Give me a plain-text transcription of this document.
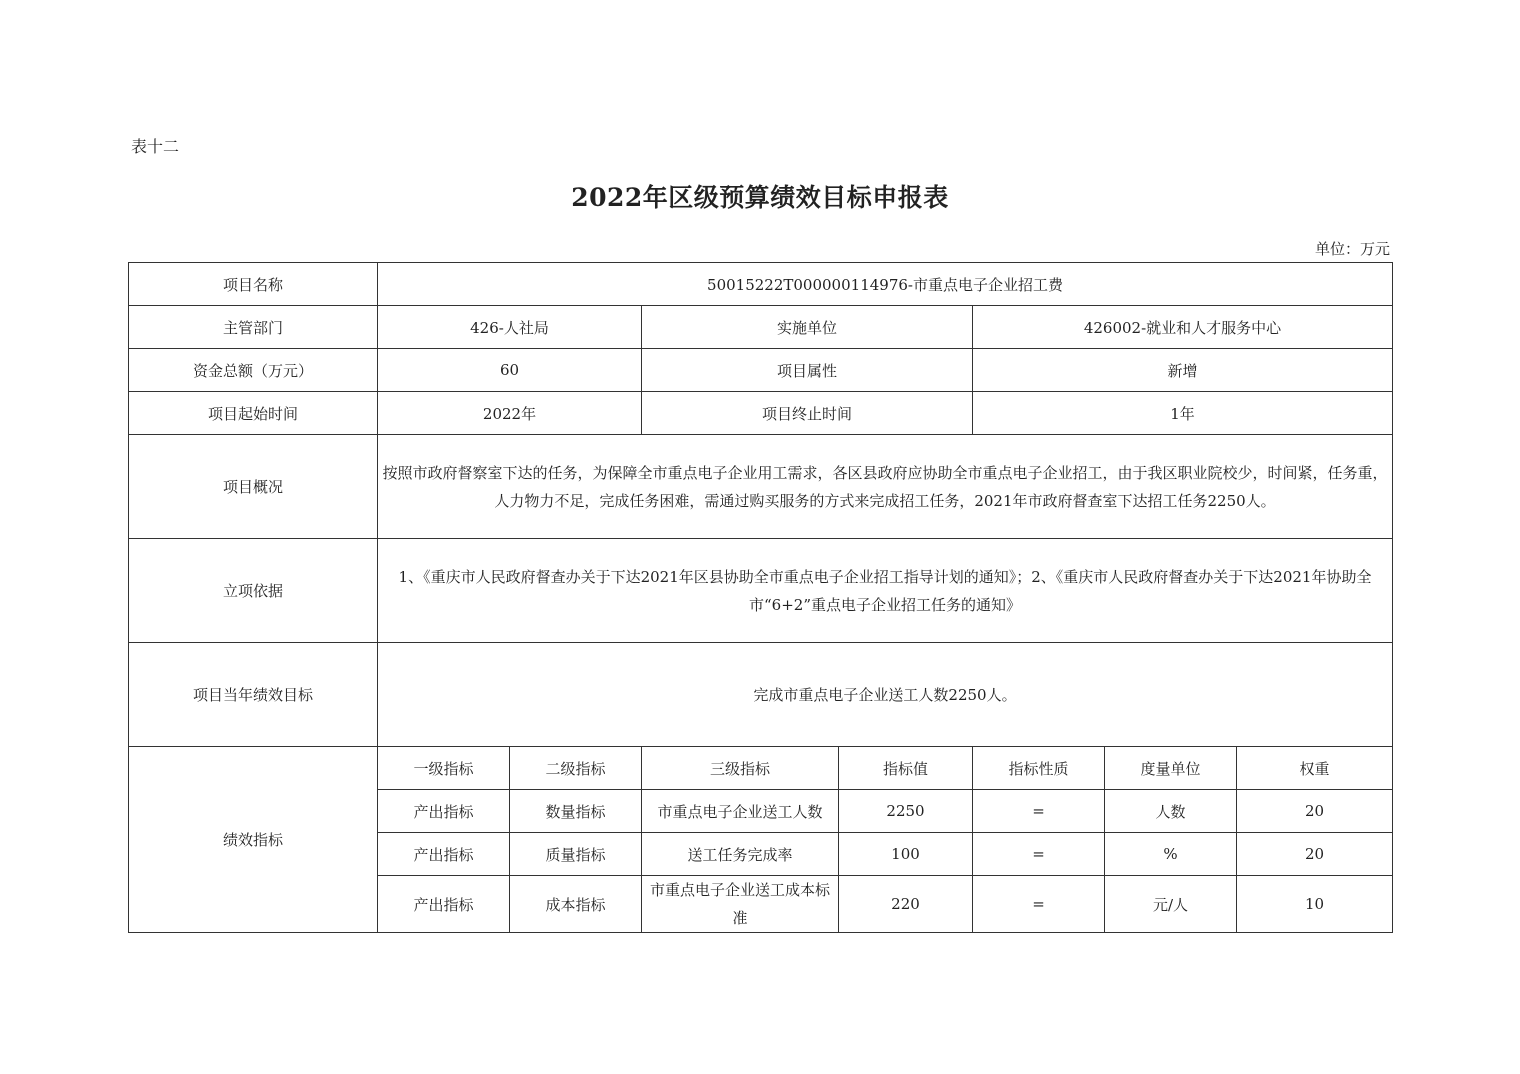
表十二
2022年区级预算绩效目标申报表
单位：万元
项目名称	50015222T000000114976-市重点电子企业招工费						
主管部门	426-人社局		实施单位		426002-就业和人才服务中心		
资金总额（万元）	60		项目属性		新增		
项目起始时间	2022年		项目终止时间		1年		
项目概况	按照市政府督察室下达的任务，为保障全市重点电子企业用工需求，各区县政府应协助全市重点电子企业招工，由于我区职业院校少，时间紧，任务重，人力物力不足，完成任务困难，需通过购买服务的方式来完成招工任务，2021年市政府督查室下达招工任务2250人。						
立项依据	1、《重庆市人民政府督查办关于下达2021年区县协助全市重点电子企业招工指导计划的通知》；2、《重庆市人民政府督查办关于下达2021年协助全市“6+2”重点电子企业招工任务的通知》						
项目当年绩效目标	完成市重点电子企业送工人数2250人。						
绩效指标	一级指标	二级指标	三级指标	指标值	指标性质	度量单位	权重
	产出指标	数量指标	市重点电子企业送工人数	2250	=	人数	20
	产出指标	质量指标	送工任务完成率	100	=	%	20
	产出指标	成本指标	市重点电子企业送工成本标准	220	=	元/人	10
